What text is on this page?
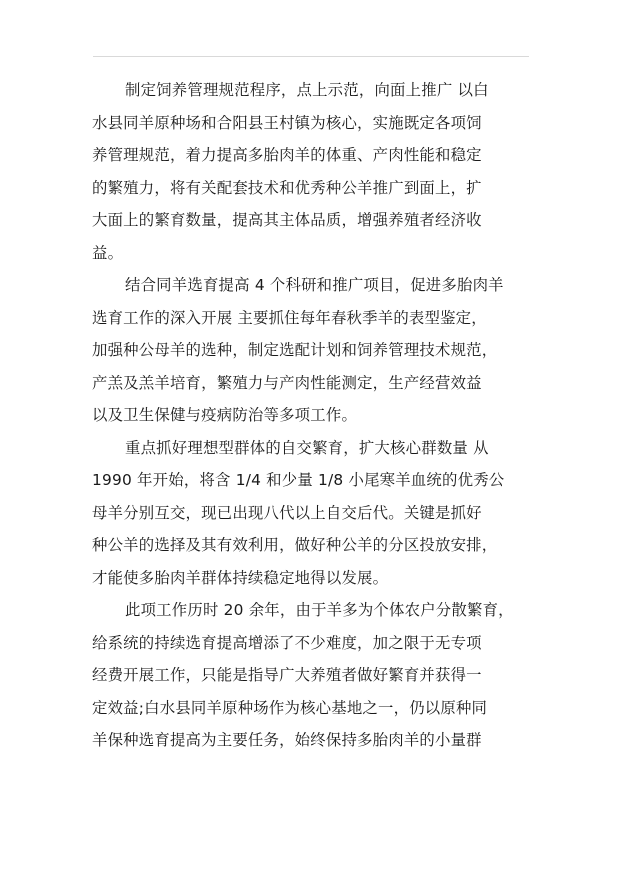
制定饲养管理规范程序，点上示范，向面上推广 以白
水县同羊原种场和合阳县王村镇为核心，实施既定各项饲
养管理规范，着力提高多胎肉羊的体重、产肉性能和稳定
的繁殖力，将有关配套技术和优秀种公羊推广到面上，扩
大面上的繁育数量，提高其主体品质，增强养殖者经济收
益。

结合同羊选育提高 4 个科研和推广项目，促进多胎肉羊
选育工作的深入开展 主要抓住每年春秋季羊的表型鉴定，
加强种公母羊的选种，制定选配计划和饲养管理技术规范，
产羔及羔羊培育，繁殖力与产肉性能测定，生产经营效益
以及卫生保健与疫病防治等多项工作。

重点抓好理想型群体的自交繁育，扩大核心群数量 从
1990 年开始，将含 1/4 和少量 1/8 小尾寒羊血统的优秀公
母羊分别互交，现已出现八代以上自交后代。关键是抓好
种公羊的选择及其有效利用，做好种公羊的分区投放安排，
才能使多胎肉羊群体持续稳定地得以发展。

此项工作历时 20 余年，由于羊多为个体农户分散繁育，
给系统的持续选育提高增添了不少难度，加之限于无专项
经费开展工作，只能是指导广大养殖者做好繁育并获得一
定效益;白水县同羊原种场作为核心基地之一，仍以原种同
羊保种选育提高为主要任务，始终保持多胎肉羊的小量群
